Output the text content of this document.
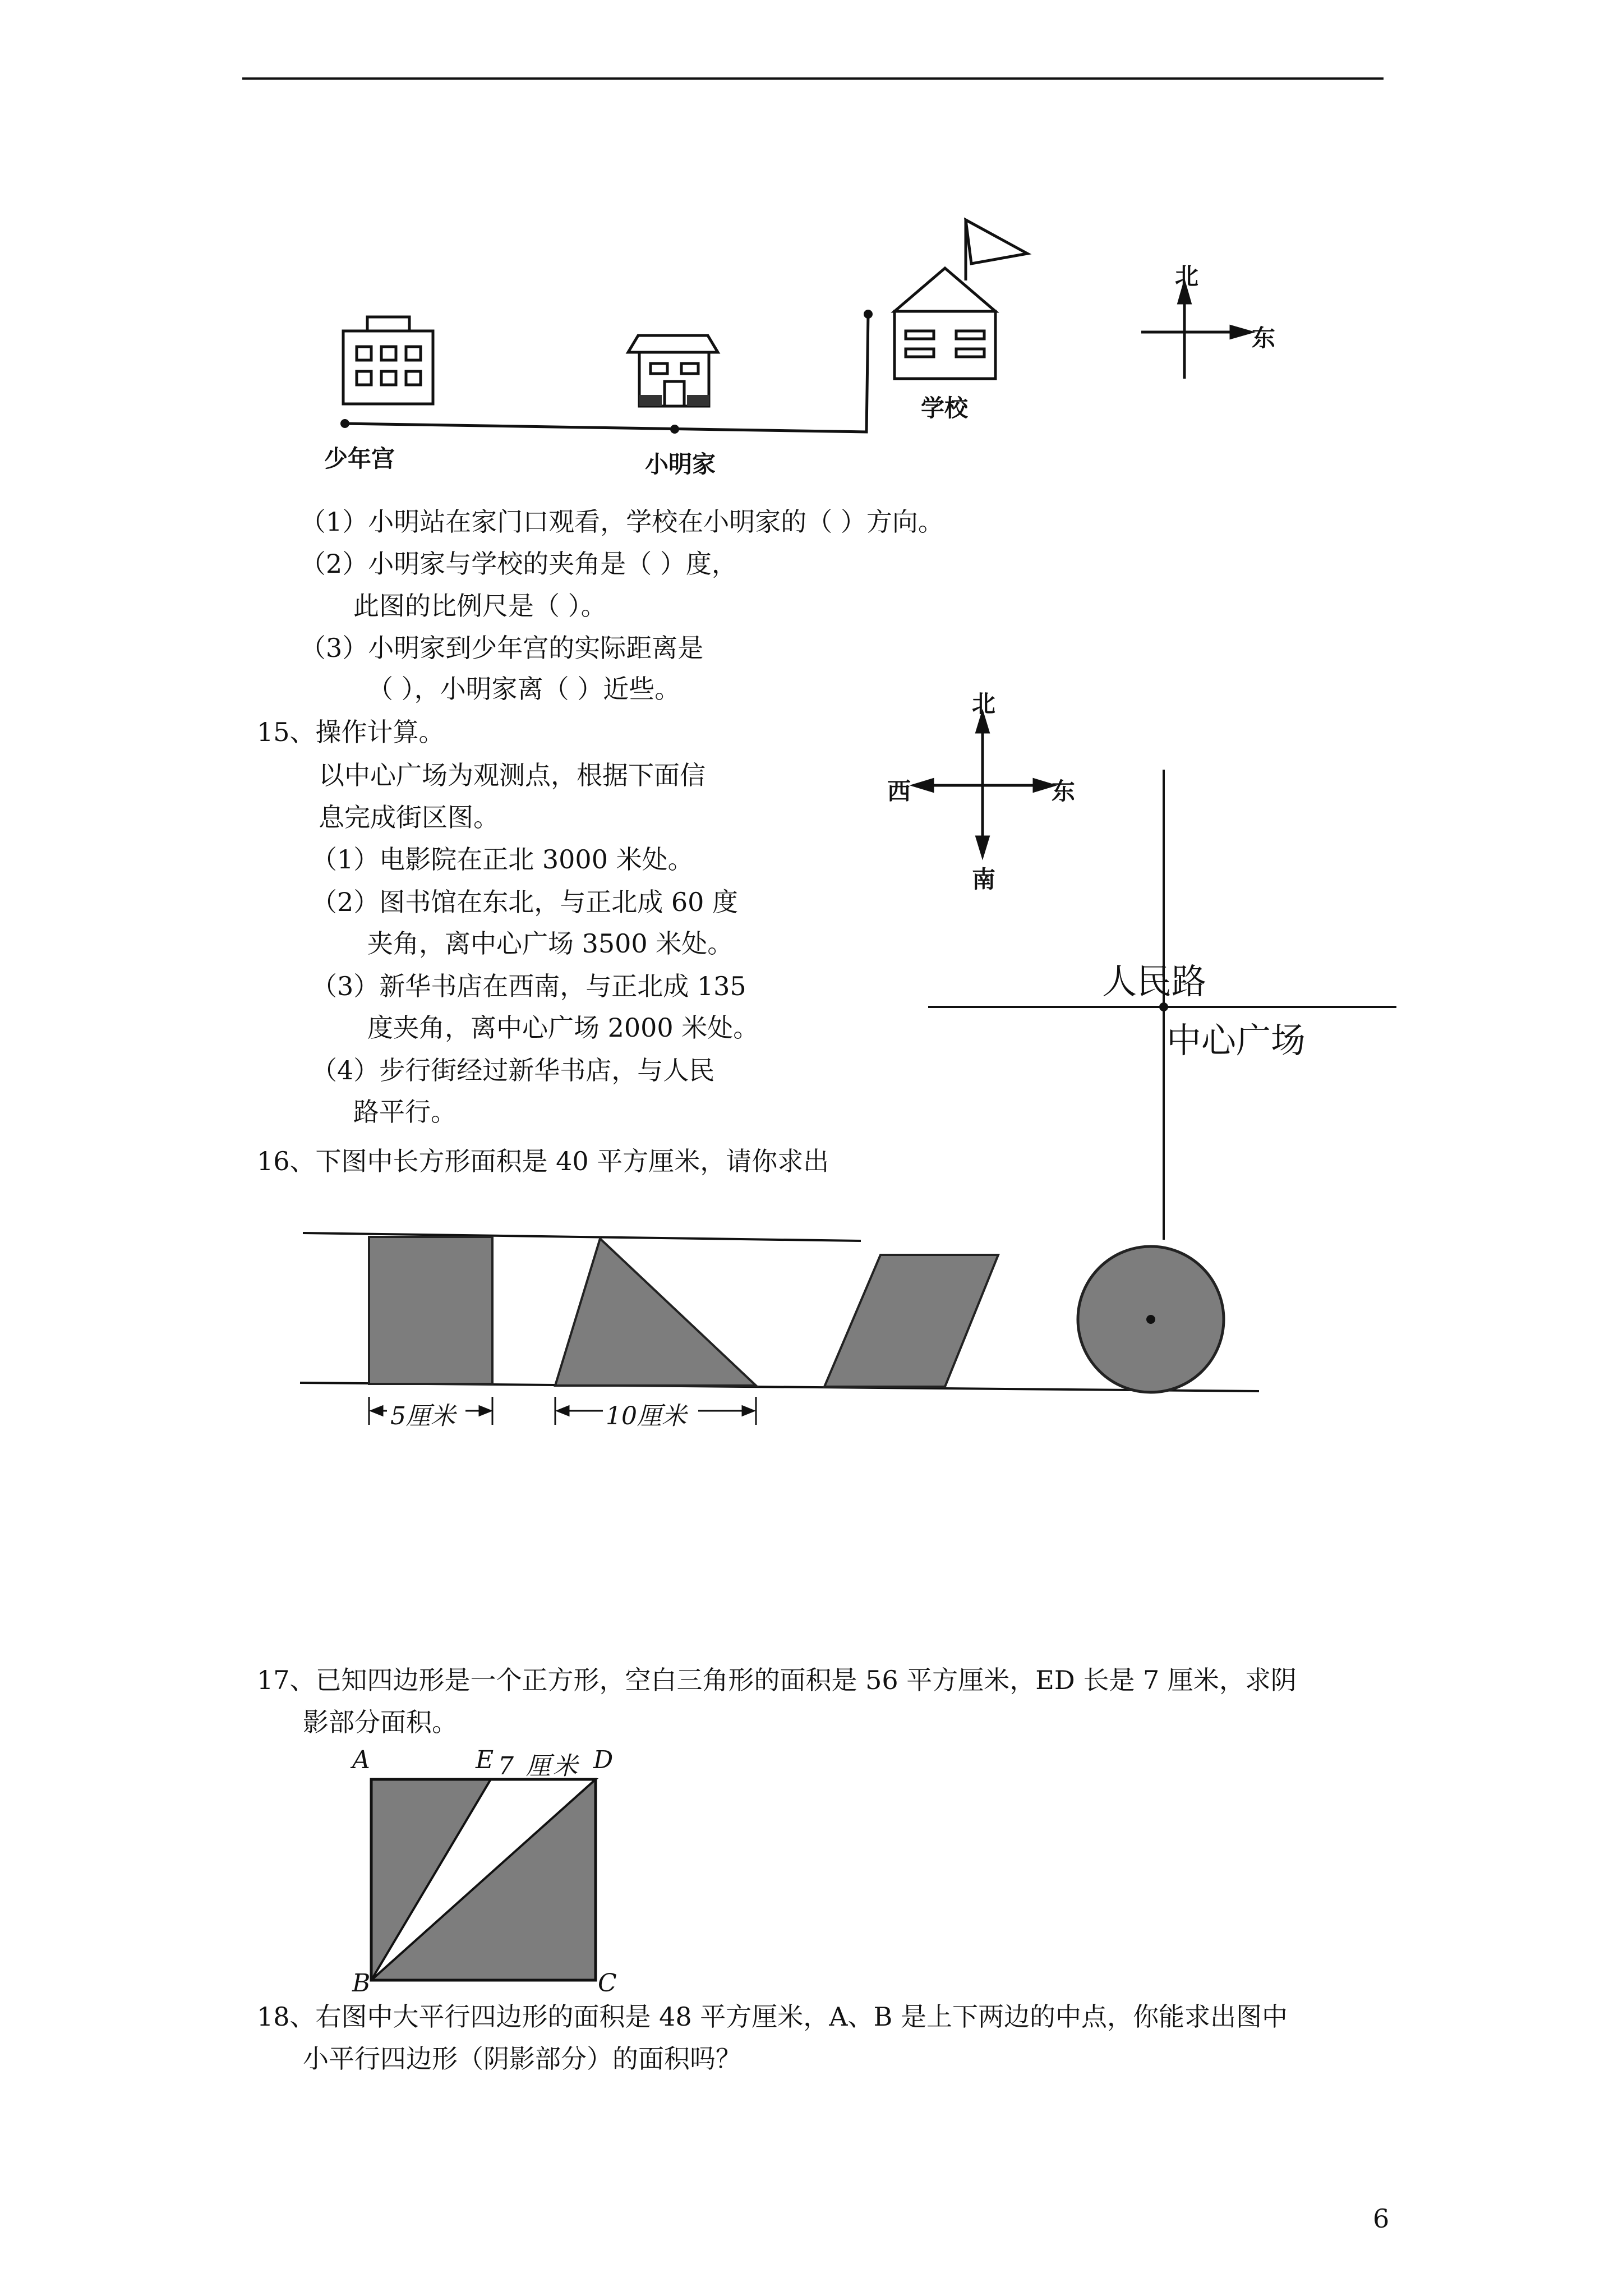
少年宫	小明家
学校
北
东
（1）小明站在家门口观看，学校在小明家的（ ）方向。
（2）小明家与学校的夹角是（ ）度，
此图的比例尺是（ ）。
（3）小明家到少年宫的实际距离是
（ ），小明家离（ ）近些。
15、操作计算。
以中心广场为观测点，根据下面信
息完成街区图。
（1）电影院在正北 3000 米处。
（2）图书馆在东北，与正北成 60 度
夹角，离中心广场 3500 米处。
（3）新华书店在西南，与正北成 135
度夹角，离中心广场 2000 米处。
（4）步行街经过新华书店，与人民
路平行。
北
南
西	东
人民路
中心广场
16、下图中长方形面积是 40 平方厘米，请你求出
5厘米	10厘米
17、已知四边形是一个正方形，空白三角形的面积是 56 平方厘米，ED 长是 7 厘米，求阴
影部分面积。
A	E 7 厘米 D
B	C
18、右图中大平行四边形的面积是 48 平方厘米，A、B 是上下两边的中点，你能求出图中
小平行四边形（阴影部分）的面积吗？
6
